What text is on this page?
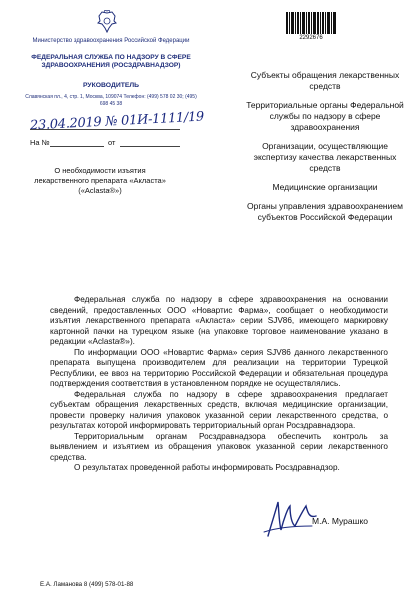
Министерство здравоохранения Российской Федерации
ФЕДЕРАЛЬНАЯ СЛУЖБА ПО НАДЗОРУ В СФЕРЕ ЗДРАВООХРАНЕНИЯ (РОСЗДРАВНАДЗОР)
РУКОВОДИТЕЛЬ
Славянская пл., 4, стр. 1, Москва, 109074 Телефон: (499) 578 02 30; (495) 698 45 38
23.04.2019 № 01И-1111/19
На №	от
О необходимости изъятия лекарственного препарата «Акласта» («Aclasta®»)
2292676
Субъекты обращения лекарственных средств
Территориальные органы Федеральной службы по надзору в сфере здравоохранения
Организации, осуществляющие экспертизу качества лекарственных средств
Медицинские организации
Органы управления здравоохранением субъектов Российской Федерации

Федеральная служба по надзору в сфере здравоохранения на основании сведений, предоставленных ООО «Новартис Фарма», сообщает о необходимости изъятия лекарственного препарата «Акласта» серии SJV86, имеющего маркировку картонной пачки на турецком языке (на упаковке торговое наименование указано в редакции «Aclasta®»).

По информации ООО «Новартис Фарма» серия SJV86 данного лекарственного препарата выпущена производителем для реализации на территории Турецкой Республики, ее ввоз на территорию Российской Федерации и обязательная процедура подтверждения соответствия в установленном порядке не осуществлялись.

Федеральная служба по надзору в сфере здравоохранения предлагает субъектам обращения лекарственных средств, включая медицинские организации, провести проверку наличия упаковок указанной серии лекарственного средства, о результатах которой информировать территориальный орган Росздравнадзора.

Территориальным органам Росздравнадзора обеспечить контроль за выявлением и изъятием из обращения упаковок указанной серии лекарственного средства.

О результатах проведенной работы информировать Росздравнадзор.

М.А. Мурашко
Е.А. Ламанова 8 (499) 578-01-88
